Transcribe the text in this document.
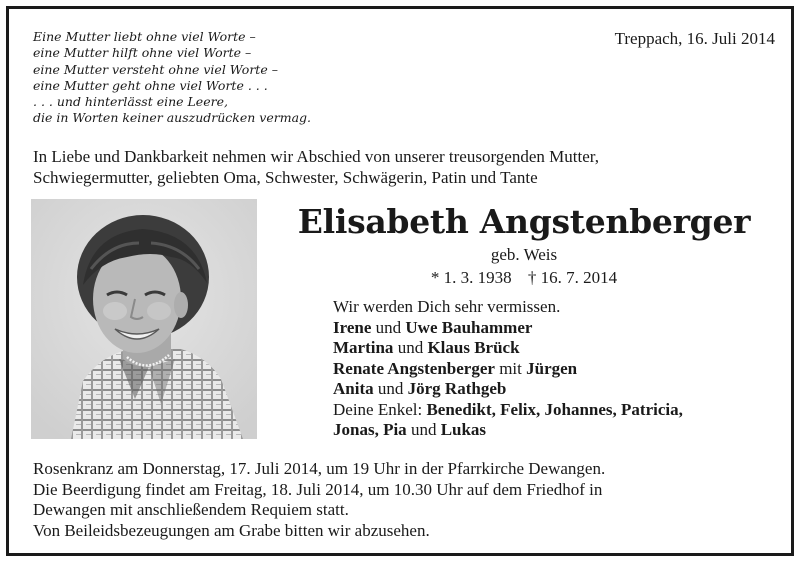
Eine Mutter liebt ohne viel Worte –
eine Mutter hilft ohne viel Worte –
eine Mutter versteht ohne viel Worte –
eine Mutter geht ohne viel Worte . . .
. . . und hinterlässt eine Leere,
die in Worten keiner auszudrücken vermag.
Treppach, 16. Juli 2014
In Liebe und Dankbarkeit nehmen wir Abschied von unserer treusorgenden Mutter,
Schwiegermutter, geliebten Oma, Schwester, Schwägerin, Patin und Tante
Elisabeth Angstenberger
geb. Weis
* 1. 3. 1938 † 16. 7. 2014
Wir werden Dich sehr vermissen.
Irene und Uwe Bauhammer
Martina und Klaus Brück
Renate Angstenberger mit Jürgen
Anita und Jörg Rathgeb
Deine Enkel: Benedikt, Felix, Johannes, Patricia,
Jonas, Pia und Lukas
Rosenkranz am Donnerstag, 17. Juli 2014, um 19 Uhr in der Pfarrkirche Dewangen.
Die Beerdigung findet am Freitag, 18. Juli 2014, um 10.30 Uhr auf dem Friedhof in
Dewangen mit anschließendem Requiem statt.
Von Beileidsbezeugungen am Grabe bitten wir abzusehen.
